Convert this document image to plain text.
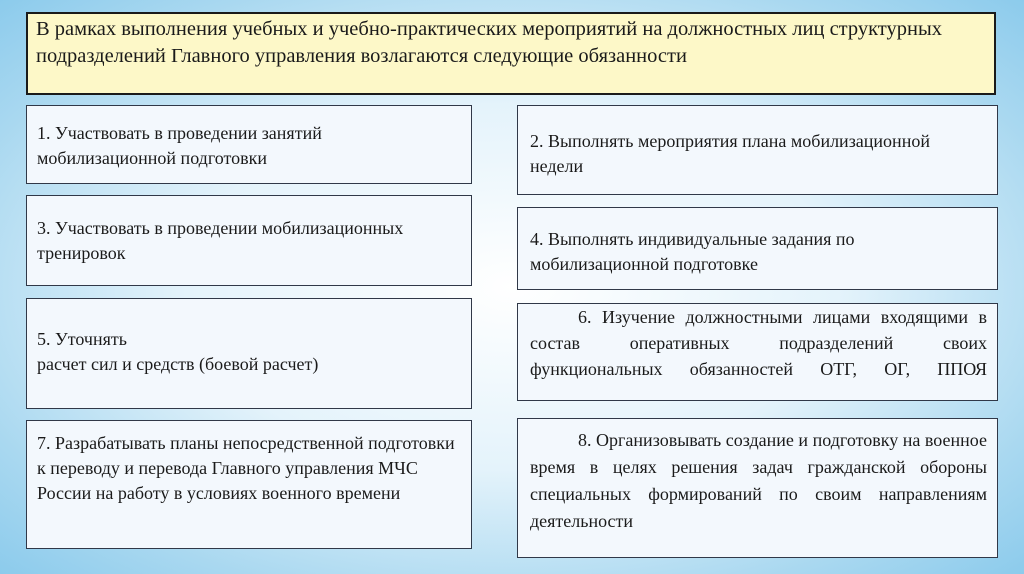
В рамках выполнения учебных и учебно-практических мероприятий на должностных лиц структурных подразделений Главного управления возлагаются следующие обязанности
1. Участвовать в проведении занятий мобилизационной подготовки
2. Выполнять мероприятия плана мобилизационной недели
3. Участвовать в проведении мобилизационных тренировок
4. Выполнять индивидуальные задания по мобилизационной подготовке
5. Уточнять
расчет сил и средств (боевой расчет)
6. Изучение должностными лицами входящими в состав оперативных подразделений своих функциональных обязанностей ОТГ, ОГ, ППОЯ
7. Разрабатывать планы непосредственной подготовки к переводу и перевода Главного управления МЧС России на работу в условиях военного времени
8. Организовывать создание и подготовку на военное время в целях решения задач гражданской обороны специальных формирований по своим направлениям деятельности
